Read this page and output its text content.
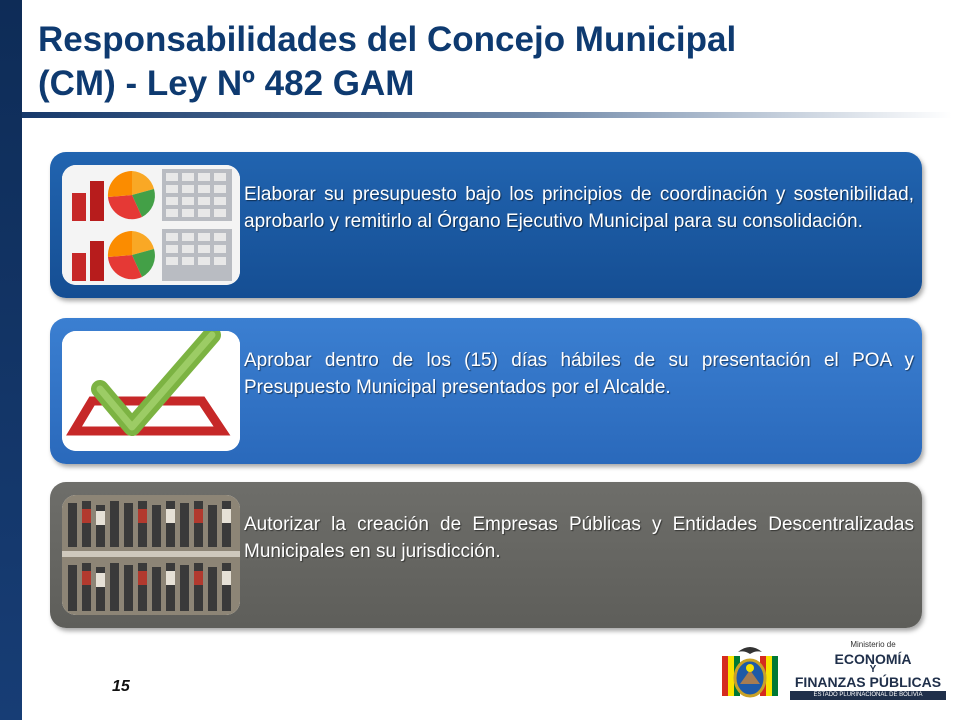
Responsabilidades del Concejo Municipal
(CM) - Ley Nº 482 GAM

Elaborar su presupuesto bajo los principios de coordinación y sostenibilidad, aprobarlo y remitirlo al Órgano Ejecutivo Municipal para su consolidación.

Aprobar dentro de los (15) días hábiles de su presentación el POA y Presupuesto Municipal presentados por el Alcalde.

Autorizar la creación de Empresas Públicas y Entidades Descentralizadas Municipales en su jurisdicción.

15
Ministerio de
ECONOMÍA
Y
FINANZAS PÚBLICAS
ESTADO PLURINACIONAL DE BOLIVIA
